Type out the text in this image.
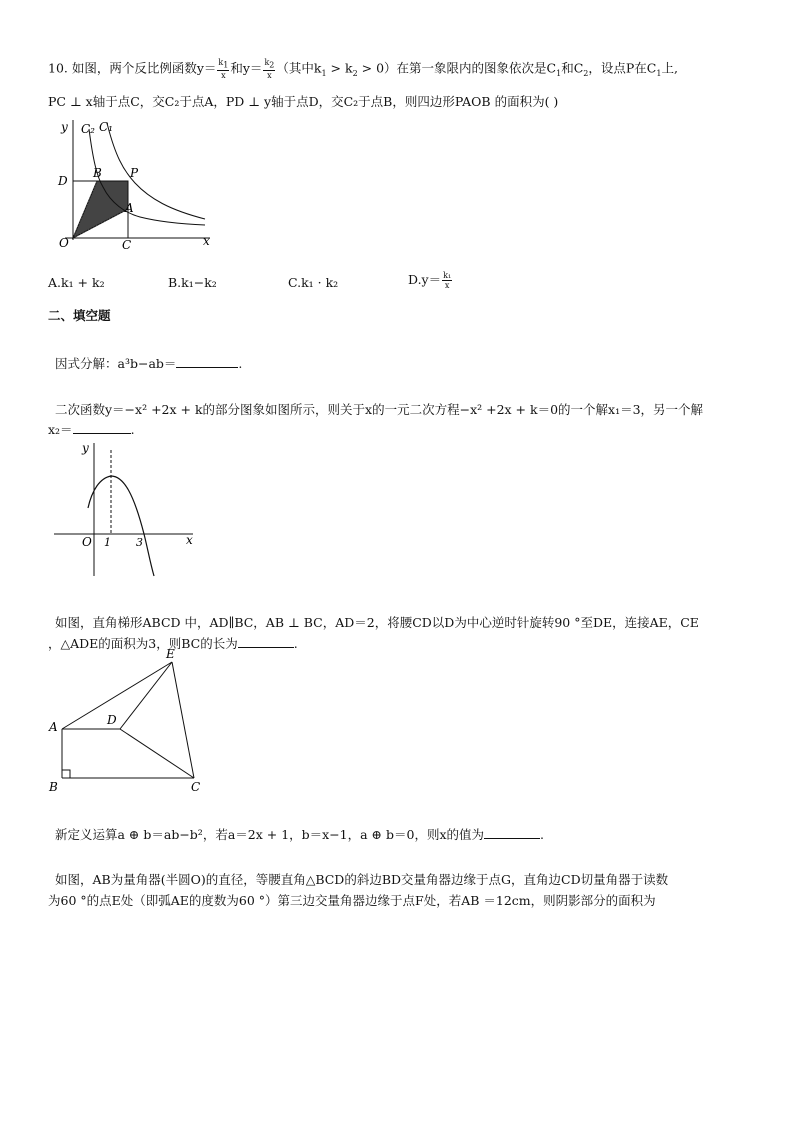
10. 如图，两个反比例函数$y= \frac{k_1}{x}$ 和$y= \frac{k_2}{x}$ （其中$k_1 > k_2 > 0$）在第一象限内的图象依次是$C_1$和$C_2$，设点P在$C_1$上,
PC ⊥ x轴于点C，交C₂于点A，PD ⊥ y轴于点D，交C₂于点B，则四边形PAOB 的面积为( )
y C₂ C₁
D
B P
A
O	C	x
A.k₁ + k₂	B.k₁−k₂	C.k₁ · k₂	$D.y= \frac{\text{k₁}}{x}$
二、填空题
因式分解：a³b−ab＝	.
二次函数y＝−x² +2x + k的部分图象如图所示，则关于x的一元二次方程−x² +2x + k＝0的一个解x₁＝3，另一个解
x₂＝	.
y
O 1 3	x
如图，直角梯形ABCD 中，AD∥BC，AB ⊥ BC，AD＝2，将腰CD以D为中心逆时针旋转90 °至DE，连接AE，CE
，△ADE的面积为3，则BC的长为	.
E
D
A
B	C
新定义运算a ⊕ b＝ab−b²，若a＝2x + 1，b＝x−1，a ⊕ b＝0，则x的值为	.
如图，AB为量角器(半圆O)的直径，等腰直角△BCD的斜边BD交量角器边缘于点G，直角边CD切量角器于读数
为60 °的点E处（即弧AE的度数为60 °）第三边交量角器边缘于点F处，若AB ＝12cm，则阴影部分的面积为
